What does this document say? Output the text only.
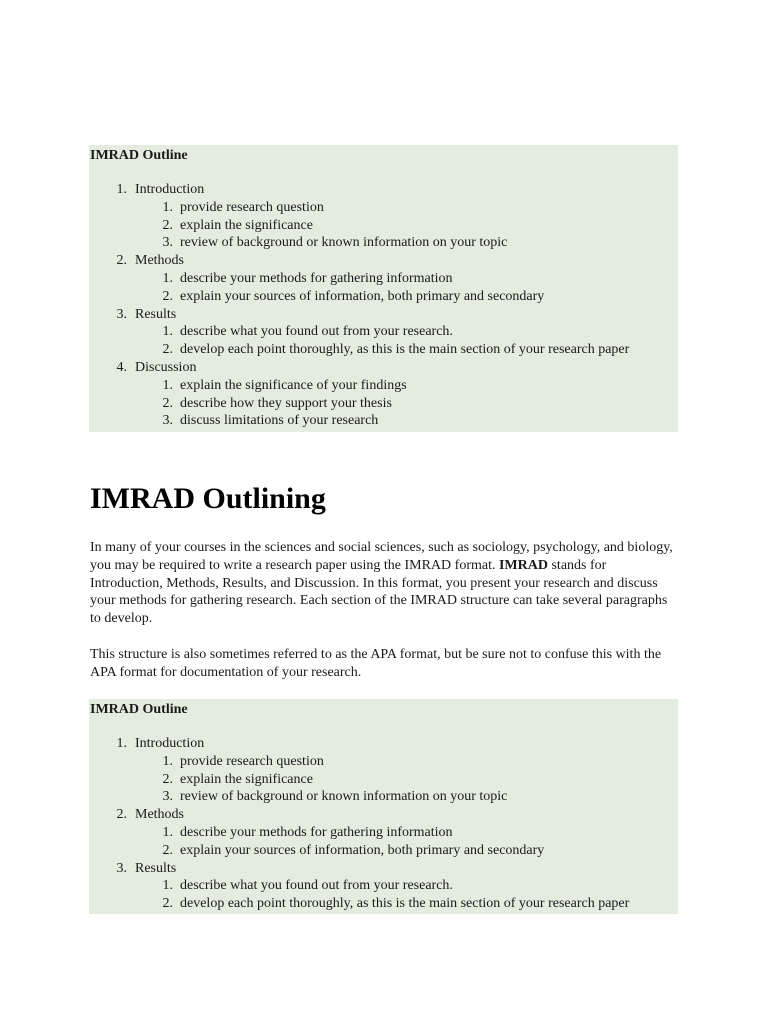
IMRAD Outline
1. Introduction
1. provide research question
2. explain the significance
3. review of background or known information on your topic
2. Methods
1. describe your methods for gathering information
2. explain your sources of information, both primary and secondary
3. Results
1. describe what you found out from your research.
2. develop each point thoroughly, as this is the main section of your research paper
4. Discussion
1. explain the significance of your findings
2. describe how they support your thesis
3. discuss limitations of your research
IMRAD Outlining

In many of your courses in the sciences and social sciences, such as sociology, psychology, and biology, you may be required to write a research paper using the IMRAD format. IMRAD stands for Introduction, Methods, Results, and Discussion. In this format, you present your research and discuss your methods for gathering research. Each section of the IMRAD structure can take several paragraphs to develop.

This structure is also sometimes referred to as the APA format, but be sure not to confuse this with the APA format for documentation of your research.

IMRAD Outline
1. Introduction
1. provide research question
2. explain the significance
3. review of background or known information on your topic
2. Methods
1. describe your methods for gathering information
2. explain your sources of information, both primary and secondary
3. Results
1. describe what you found out from your research.
2. develop each point thoroughly, as this is the main section of your research paper
